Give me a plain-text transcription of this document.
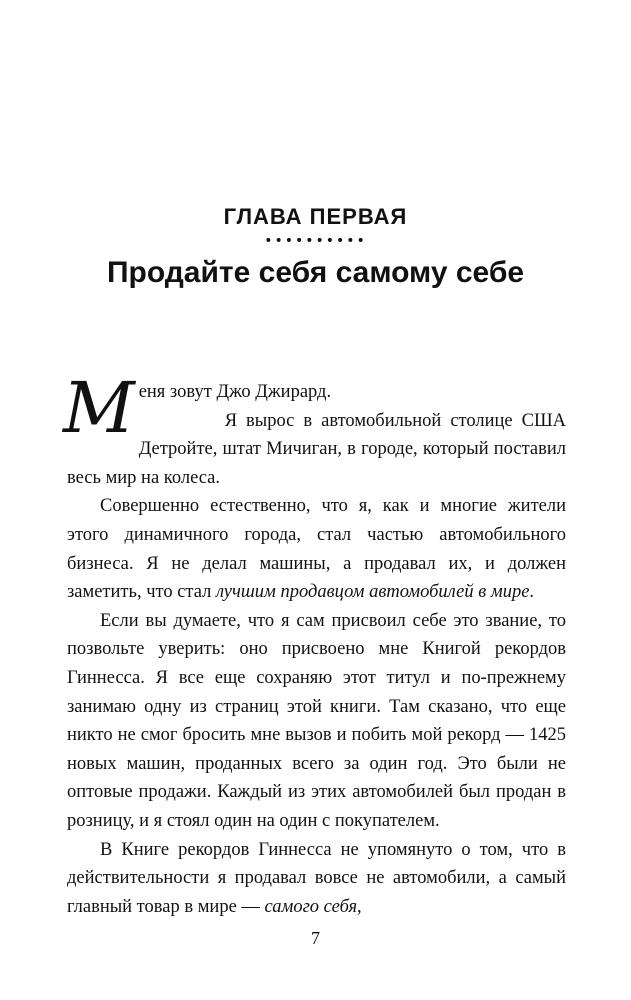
ГЛАВА ПЕРВАЯ
••••••••••
Продайте себя самому себе

Меня зовут Джо Джирард.
Я вырос в автомобильной столице США Детройте, штат Мичиган, в городе, который поставил весь мир на колеса.

Совершенно естественно, что я, как и многие жители этого динамичного города, стал частью автомобильного бизнеса. Я не делал машины, а продавал их, и должен заметить, что стал лучшим продавцом автомобилей в мире.

Если вы думаете, что я сам присвоил себе это звание, то позвольте уверить: оно присвоено мне Книгой рекордов Гиннесса. Я все еще сохраняю этот титул и по-прежнему занимаю одну из страниц этой книги. Там сказано, что еще никто не смог бросить мне вызов и побить мой рекорд — 1425 новых машин, проданных всего за один год. Это были не оптовые продажи. Каждый из этих автомобилей был продан в розницу, и я стоял один на один с покупателем.

В Книге рекордов Гиннесса не упомянуто о том, что в действительности я продавал вовсе не автомобили, а самый главный товар в мире — самого себя,

7
